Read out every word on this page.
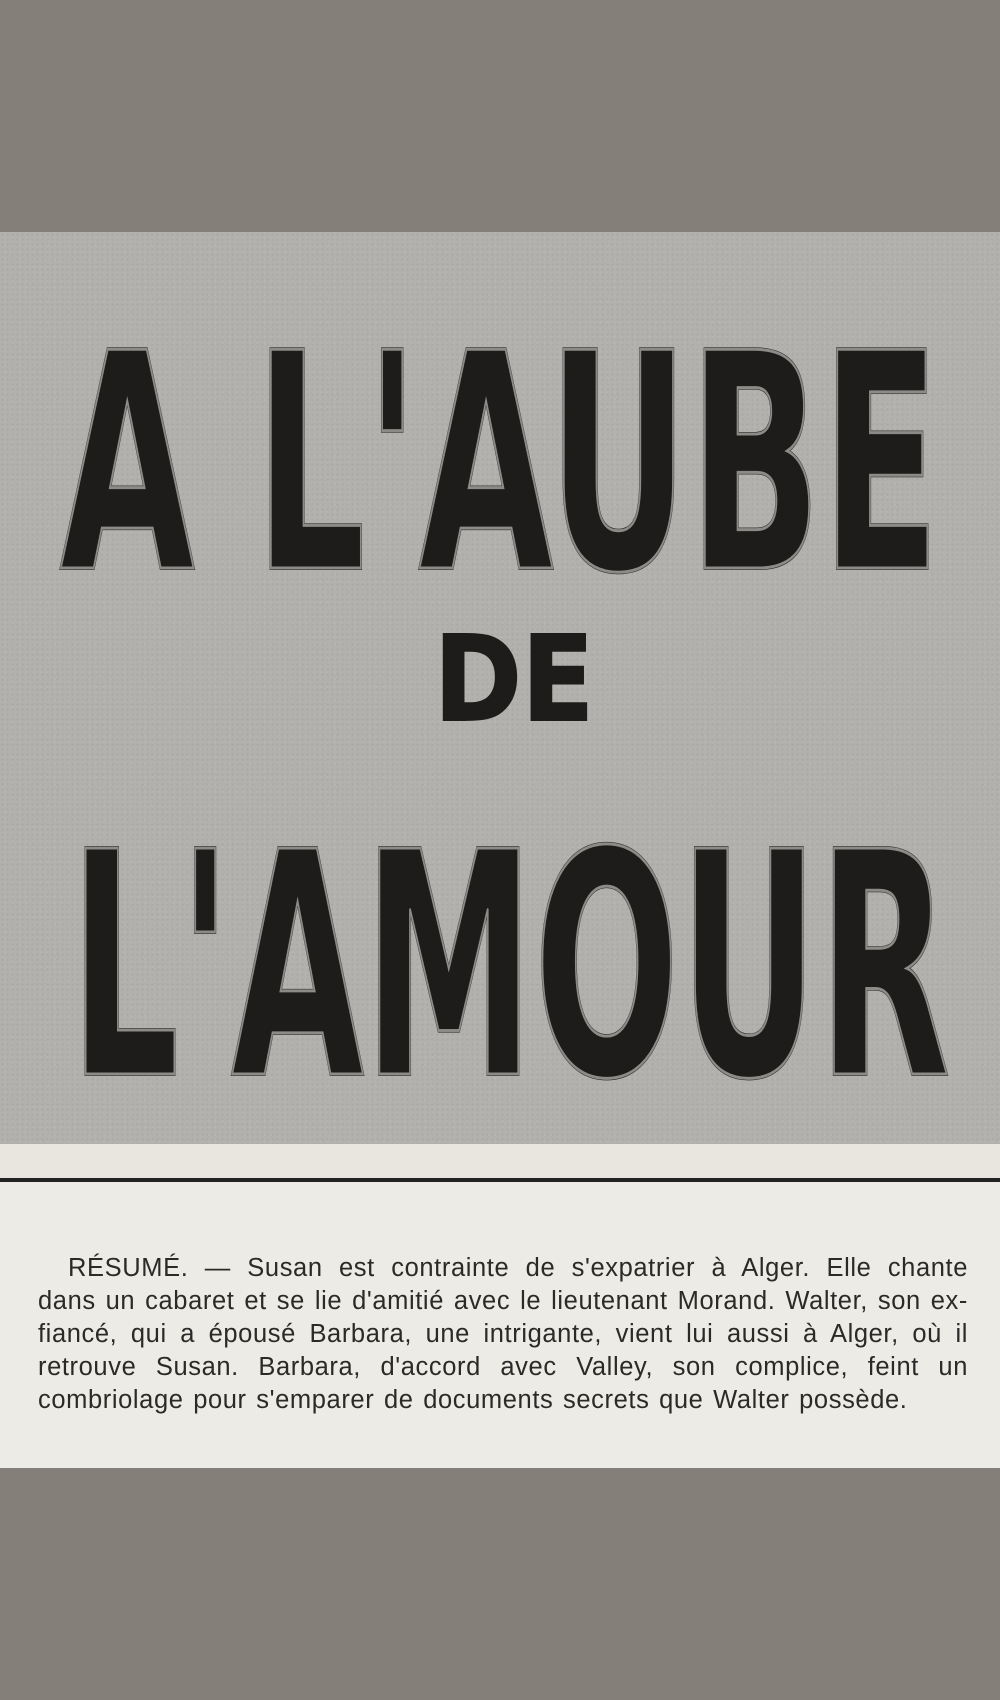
A L'AUBE
A L'AUBE
DE
L'AMOUR
L'AMOUR

RÉSUMÉ. — Susan est contrainte de s'expatrier à Alger. Elle chante dans un cabaret et se lie d'amitié avec le lieutenant Morand. Walter, son ex-fiancé, qui a épousé Barbara, une intrigante, vient lui aussi à Alger, où il retrouve Susan. Barbara, d'accord avec Valley, son complice, feint un combriolage pour s'emparer de documents secrets que Walter possède.
